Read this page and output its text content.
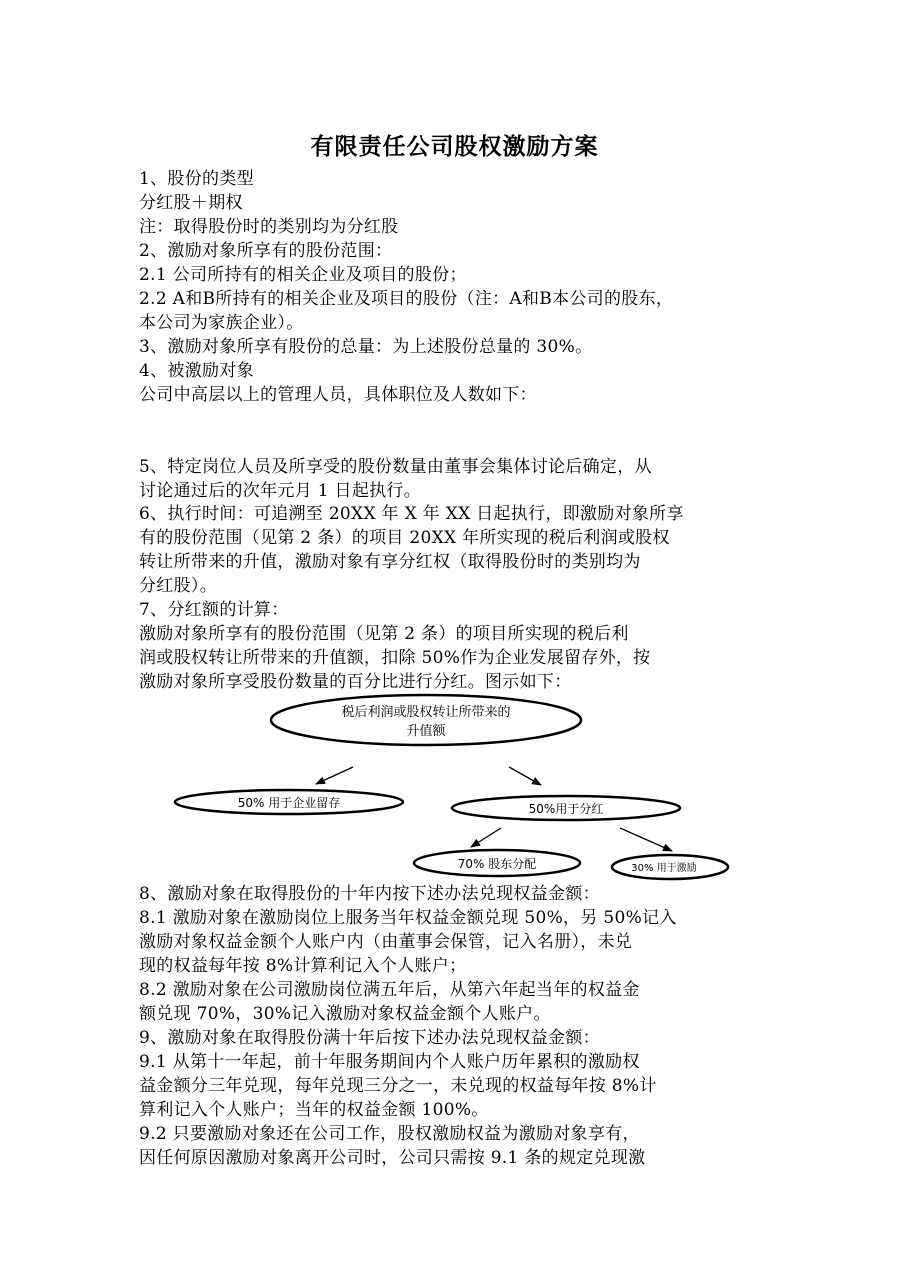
有限责任公司股权激励方案
1、股份的类型
分红股＋期权
注：取得股份时的类别均为分红股
2、激励对象所享有的股份范围：
2.1 公司所持有的相关企业及项目的股份；
2.2 A和B所持有的相关企业及项目的股份（注：A和B本公司的股东，
本公司为家族企业）。
3、激励对象所享有股份的总量：为上述股份总量的 30%。
4、被激励对象
公司中高层以上的管理人员，具体职位及人数如下：
5、特定岗位人员及所享受的股份数量由董事会集体讨论后确定，从
讨论通过后的次年元月 1 日起执行。
6、执行时间：可追溯至 20XX 年 X 年 XX 日起执行，即激励对象所享
有的股份范围（见第 2 条）的项目 20XX 年所实现的税后利润或股权
转让所带来的升值，激励对象有享分红权（取得股份时的类别均为
分红股）。
7、分红额的计算：
激励对象所享有的股份范围（见第 2 条）的项目所实现的税后利
润或股权转让所带来的升值额，扣除 50%作为企业发展留存外，按
激励对象所享受股份数量的百分比进行分红。图示如下：
8、激励对象在取得股份的十年内按下述办法兑现权益金额：
8.1 激励对象在激励岗位上服务当年权益金额兑现 50%，另 50%记入
激励对象权益金额个人账户内（由董事会保管，记入名册），未兑
现的权益每年按 8%计算利记入个人账户；
8.2 激励对象在公司激励岗位满五年后，从第六年起当年的权益金
额兑现 70%，30%记入激励对象权益金额个人账户。
9、激励对象在取得股份满十年后按下述办法兑现权益金额：
9.1 从第十一年起，前十年服务期间内个人账户历年累积的激励权
益金额分三年兑现，每年兑现三分之一，未兑现的权益每年按 8%计
算利记入个人账户；当年的权益金额 100%。
9.2 只要激励对象还在公司工作，股权激励权益为激励对象享有，
因任何原因激励对象离开公司时，公司只需按 9.1 条的规定兑现激
税后利润或股权转让所带来的
升值额
50% 用于企业留存	50%用于分红
70% 股东分配	30% 用于激励
